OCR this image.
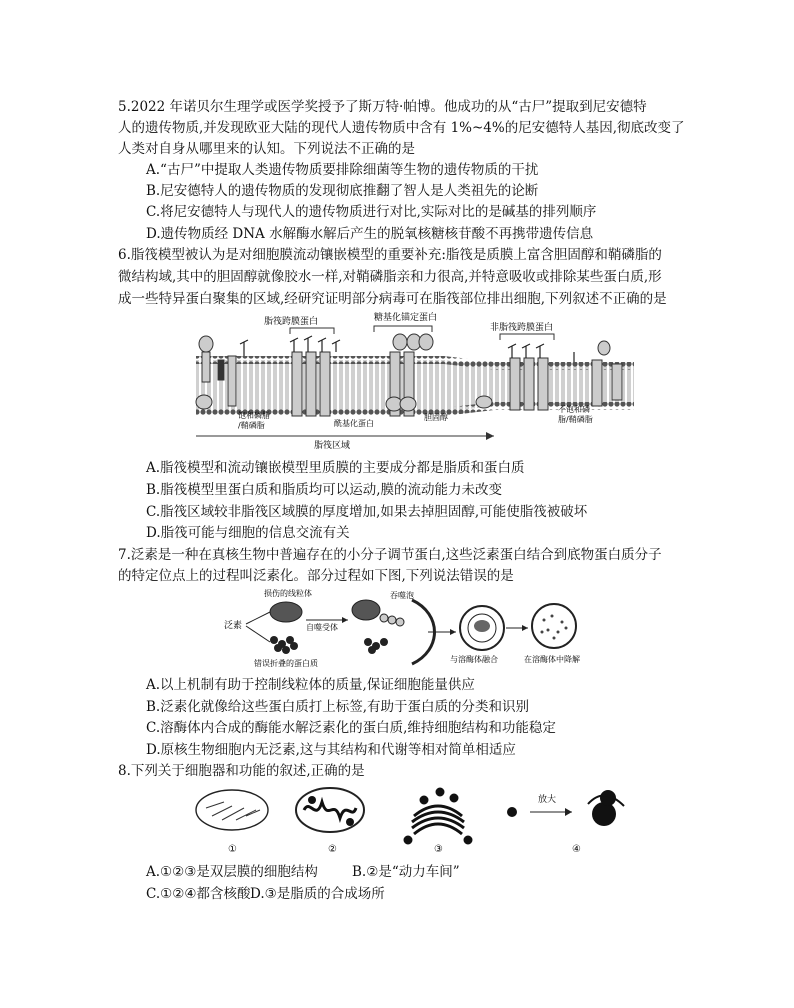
5.2022 年诺贝尔生理学或医学奖授予了斯万特·帕博。他成功的从“古尸”提取到尼安德特
人的遗传物质,并发现欧亚大陆的现代人遗传物质中含有 1%~4%的尼安德特人基因,彻底改变了
人类对自身从哪里来的认知。下列说法不正确的是
A.“古尸”中提取人类遗传物质要排除细菌等生物的遗传物质的干扰
B.尼安德特人的遗传物质的发现彻底推翻了智人是人类祖先的论断
C.将尼安德特人与现代人的遗传物质进行对比,实际对比的是碱基的排列顺序
D.遗传物质经 DNA 水解酶水解后产生的脱氧核糖核苷酸不再携带遗传信息
6.脂筏模型被认为是对细胞膜流动镶嵌模型的重要补充:脂筏是质膜上富含胆固醇和鞘磷脂的
微结构域,其中的胆固醇就像胶水一样,对鞘磷脂亲和力很高,并特意吸收或排除某些蛋白质,形
成一些特异蛋白聚集的区域,经研究证明部分病毒可在脂筏部位排出细胞,下列叙述不正确的是
脂筏跨膜蛋白	糖基化锚定蛋白
非脂筏跨膜蛋白
饱和磷脂
/鞘磷脂	酰基化蛋白
胆固醇
不饱和磷
脂/鞘磷脂
脂筏区域
A.脂筏模型和流动镶嵌模型里质膜的主要成分都是脂质和蛋白质
B.脂筏模型里蛋白质和脂质均可以运动,膜的流动能力未改变
C.脂筏区域较非脂筏区域膜的厚度增加,如果去掉胆固醇,可能使脂筏被破坏
D.脂筏可能与细胞的信息交流有关
7.泛素是一种在真核生物中普遍存在的小分子调节蛋白,这些泛素蛋白结合到底物蛋白质分子
的特定位点上的过程叫泛素化。部分过程如下图,下列说法错误的是
损伤的线粒体
泛素
错误折叠的蛋白质
自噬受体
吞噬泡
与溶酶体融合	在溶酶体中降解
A.以上机制有助于控制线粒体的质量,保证细胞能量供应
B.泛素化就像给这些蛋白质打上标签,有助于蛋白质的分类和识别
C.溶酶体内合成的酶能水解泛素化的蛋白质,维持细胞结构和功能稳定
D.原核生物细胞内无泛素,这与其结构和代谢等相对简单相适应
8.下列关于细胞器和功能的叙述,正确的是
放大
①	②	③	④
A.①②③是双层膜的细胞结构	B.②是“动力车间”
C.①②④都含核酸 D.③是脂质的合成场所
